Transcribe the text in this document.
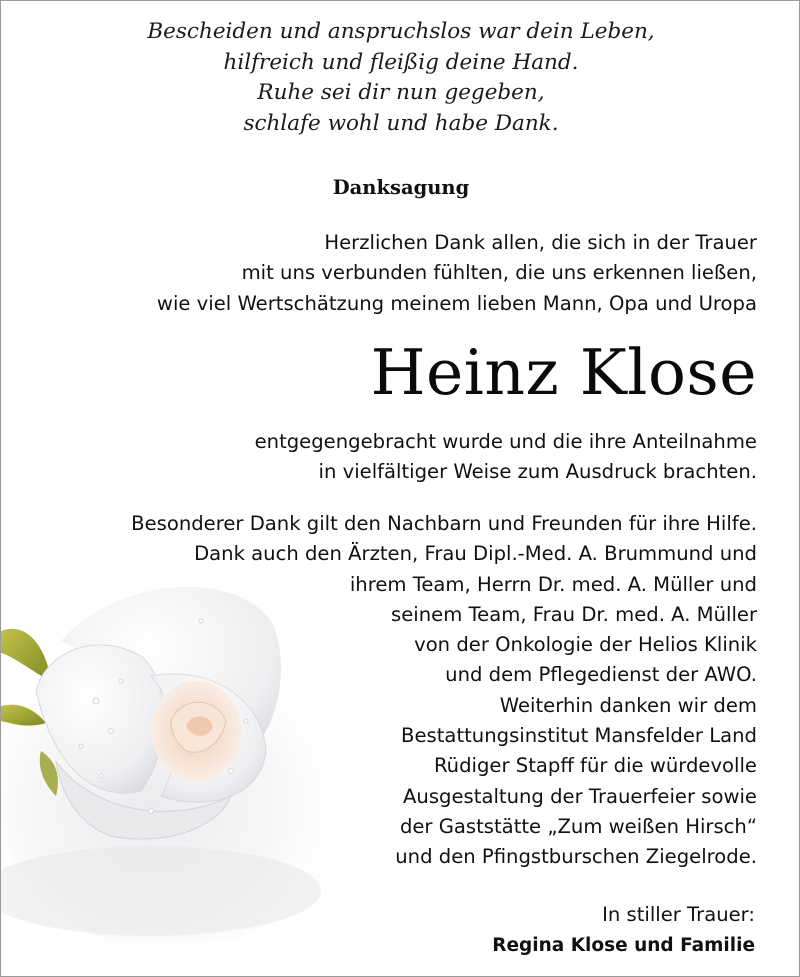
Bescheiden und anspruchslos war dein Leben,
hilfreich und fleißig deine Hand.
Ruhe sei dir nun gegeben,
schlafe wohl und habe Dank.
Danksagung
Herzlichen Dank allen, die sich in der Trauer
mit uns verbunden fühlten, die uns erkennen ließen,
wie viel Wertschätzung meinem lieben Mann, Opa und Uropa
Heinz Klose
entgegengebracht wurde und die ihre Anteilnahme
in vielfältiger Weise zum Ausdruck brachten.
Besonderer Dank gilt den Nachbarn und Freunden für ihre Hilfe.
Dank auch den Ärzten, Frau Dipl.-Med. A. Brummund und
ihrem Team, Herrn Dr. med. A. Müller und
seinem Team, Frau Dr. med. A. Müller
von der Onkologie der Helios Klinik
und dem Pflegedienst der AWO.
Weiterhin danken wir dem
Bestattungsinstitut Mansfelder Land
Rüdiger Stapff für die würdevolle
Ausgestaltung der Trauerfeier sowie
der Gaststätte „Zum weißen Hirsch“
und den Pfingstburschen Ziegelrode.
In stiller Trauer:
Regina Klose und Familie
